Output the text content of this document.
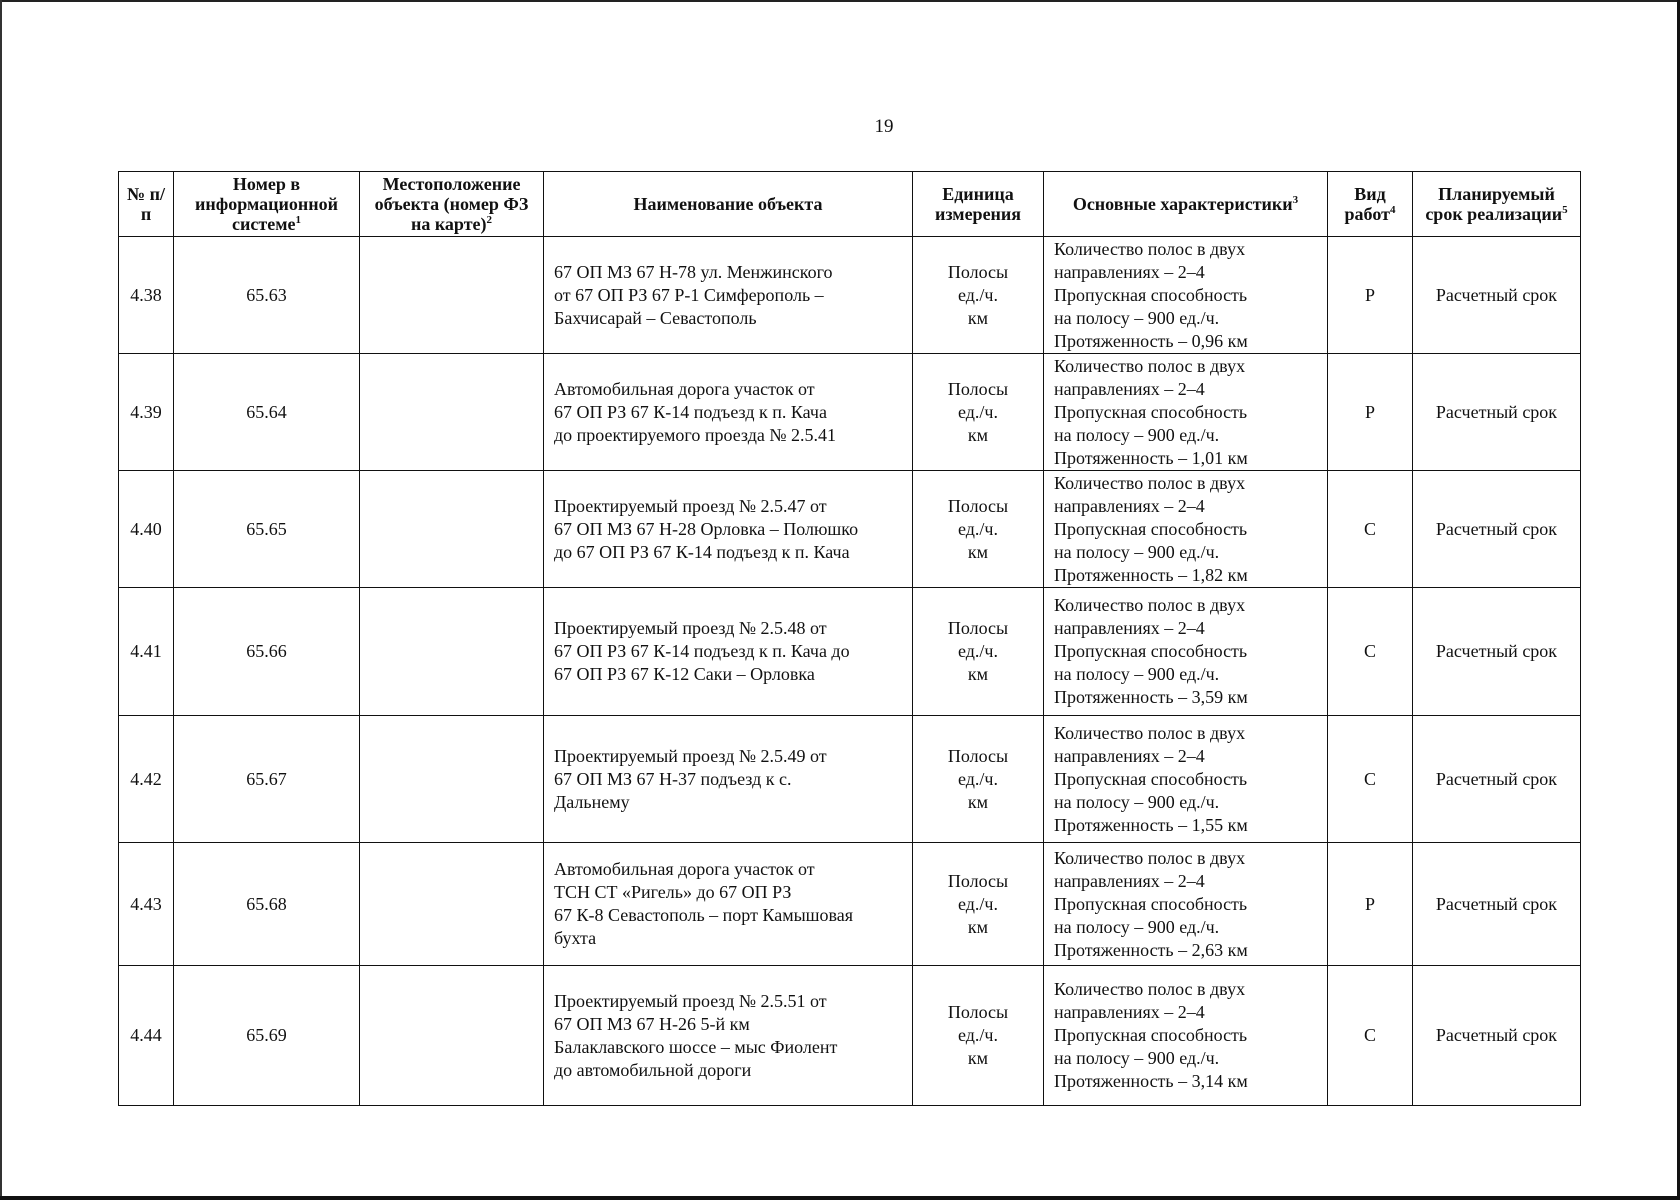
19
№ п/п	Номер в информационной системе$^1$	Местоположение объекта (номер ФЗ на карте)$^2$	Наименование объекта	Единица измерения	Основные характеристики$^3$	Вид работ$^4$	Планируемый срок реализации$^5$
4.38	65.63		67 ОП МЗ 67 Н-78 ул. Менжинского
от 67 ОП РЗ 67 Р-1 Симферополь –
Бахчисарай – Севастополь	Полосы
ед./ч.
км	Количество полос в двух
направлениях – 2–4
Пропускная способность
на полосу – 900 ед./ч.
Протяженность – 0,96 км	Р	Расчетный срок
4.39	65.64		Автомобильная дорога участок от
67 ОП РЗ 67 К-14 подъезд к п. Кача
до проектируемого проезда № 2.5.41	Полосы
ед./ч.
км	Количество полос в двух
направлениях – 2–4
Пропускная способность
на полосу – 900 ед./ч.
Протяженность – 1,01 км	Р	Расчетный срок
4.40	65.65		Проектируемый проезд № 2.5.47 от
67 ОП МЗ 67 Н-28 Орловка – Полюшко
до 67 ОП РЗ 67 К-14 подъезд к п. Кача	Полосы
ед./ч.
км	Количество полос в двух
направлениях – 2–4
Пропускная способность
на полосу – 900 ед./ч.
Протяженность – 1,82 км	С	Расчетный срок
4.41	65.66		Проектируемый проезд № 2.5.48 от
67 ОП РЗ 67 К-14 подъезд к п. Кача до
67 ОП РЗ 67 К-12 Саки – Орловка	Полосы
ед./ч.
км	Количество полос в двух
направлениях – 2–4
Пропускная способность
на полосу – 900 ед./ч.
Протяженность – 3,59 км	С	Расчетный срок
4.42	65.67		Проектируемый проезд № 2.5.49 от
67 ОП МЗ 67 Н-37 подъезд к с.
Дальнему	Полосы
ед./ч.
км	Количество полос в двух
направлениях – 2–4
Пропускная способность
на полосу – 900 ед./ч.
Протяженность – 1,55 км	С	Расчетный срок
4.43	65.68		Автомобильная дорога участок от
ТСН СТ «Ригель» до 67 ОП РЗ
67 К-8 Севастополь – порт Камышовая
бухта	Полосы
ед./ч.
км	Количество полос в двух
направлениях – 2–4
Пропускная способность
на полосу – 900 ед./ч.
Протяженность – 2,63 км	Р	Расчетный срок
4.44	65.69		Проектируемый проезд № 2.5.51 от
67 ОП МЗ 67 Н-26 5-й км
Балаклавского шоссе – мыс Фиолент
до автомобильной дороги	Полосы
ед./ч.
км	Количество полос в двух
направлениях – 2–4
Пропускная способность
на полосу – 900 ед./ч.
Протяженность – 3,14 км	С	Расчетный срок
